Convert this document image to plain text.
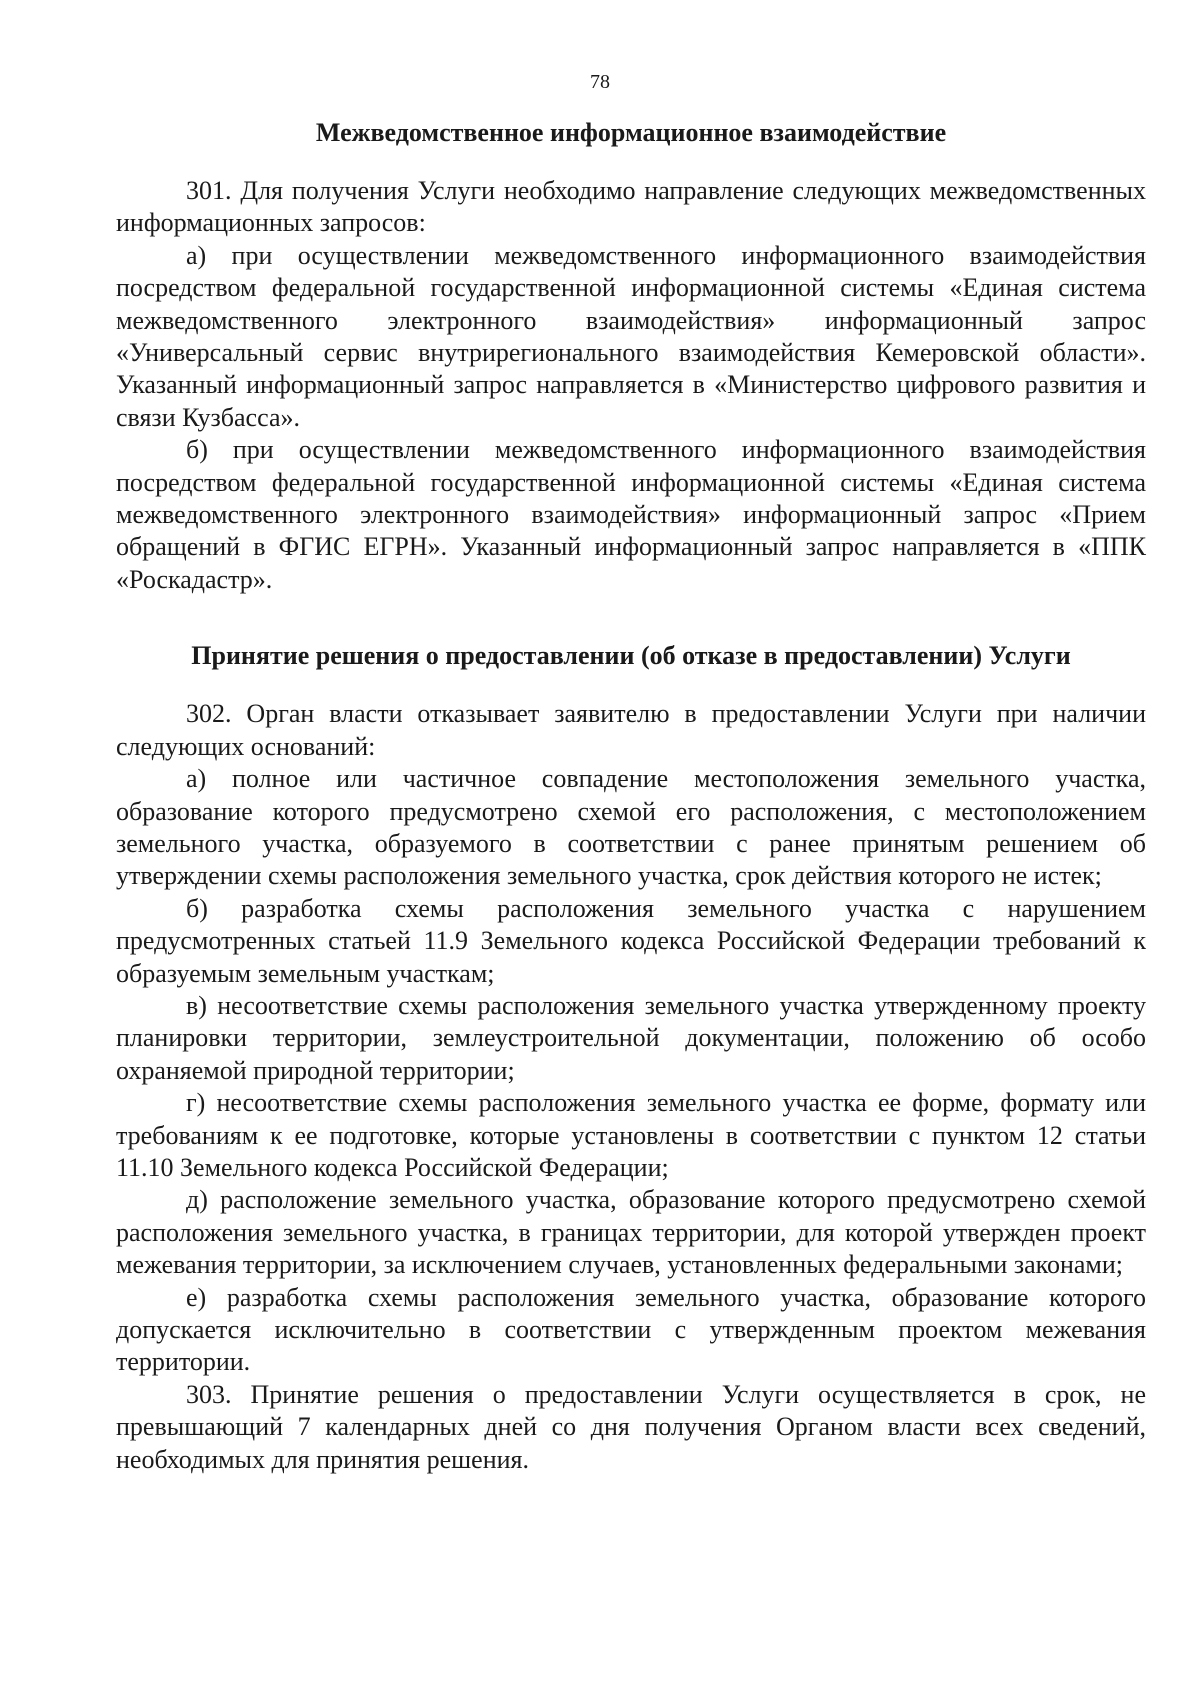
78
Межведомственное информационное взаимодействие

301. Для получения Услуги необходимо направление следующих межведомственных информационных запросов:

а) при осуществлении межведомственного информационного взаимодействия посредством федеральной государственной информационной системы «Единая система межведомственного электронного взаимодействия» информационный запрос «Универсальный сервис внутрирегионального взаимодействия Кемеровской области». Указанный информационный запрос направляется в «Министерство цифрового развития и связи Кузбасса».

б) при осуществлении межведомственного информационного взаимодействия посредством федеральной государственной информационной системы «Единая система межведомственного электронного взаимодействия» информационный запрос «Прием обращений в ФГИС ЕГРН». Указанный информационный запрос направляется в «ППК «Роскадастр».

Принятие решения о предоставлении (об отказе в предоставлении) Услуги

302. Орган власти отказывает заявителю в предоставлении Услуги при наличии следующих оснований:

а) полное или частичное совпадение местоположения земельного участка, образование которого предусмотрено схемой его расположения, с местоположением земельного участка, образуемого в соответствии с ранее принятым решением об утверждении схемы расположения земельного участка, срок действия которого не истек;

б) разработка схемы расположения земельного участка с нарушением предусмотренных статьей 11.9 Земельного кодекса Российской Федерации требований к образуемым земельным участкам;

в) несоответствие схемы расположения земельного участка утвержденному проекту планировки территории, землеустроительной документации, положению об особо охраняемой природной территории;

г) несоответствие схемы расположения земельного участка ее форме, формату или требованиям к ее подготовке, которые установлены в соответствии с пунктом 12 статьи 11.10 Земельного кодекса Российской Федерации;

д) расположение земельного участка, образование которого предусмотрено схемой расположения земельного участка, в границах территории, для которой утвержден проект межевания территории, за исключением случаев, установленных федеральными законами;

е) разработка схемы расположения земельного участка, образование которого допускается исключительно в соответствии с утвержденным проектом межевания территории.

303. Принятие решения о предоставлении Услуги осуществляется в срок, не превышающий 7 календарных дней со дня получения Органом власти всех сведений, необходимых для принятия решения.
